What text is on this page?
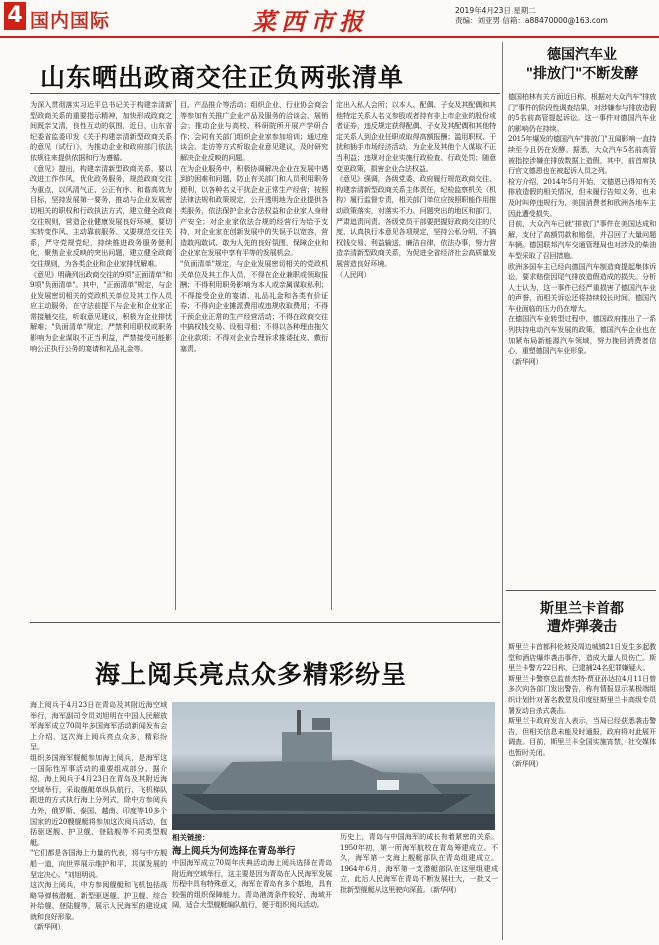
4 国内国际	菜西市报	2019年4月23日 星期二
责编：刘亚男 信箱：a88470000@163.com
山东晒出政商交往正负两张清单
为深入贯彻落实习近平总书记关于构建亲清新型政商关系的重要指示精神，加快形成政商之间既亲又清，良性互动的氛围，近日，山东省纪委省监委印发《关于构建亲清新型政商关系的意见（试行）》，为推动企业和政府部门依法依规往来提供依据和行为遵循。
《意见》提出，构建亲清新型政商关系，要以改进工作作风，优化政务服务，规范政商交往为重点，以风清气正、公正有序、和谐高效为目标，坚持发展第一要务，推动与企业发展密切相关的职权和行政执法方式，建立健全政商交往规则，营造企业健康发展良好环境，要切实转变作风、主动靠前服务、又要规范交往关系，严守党规党纪，持续推进政务服务便利化，聚焦企业反映的突出问题，建立健全政商交往规则，为各类企业和企业家排忧解难。
《意见》明确列出政商交往的9项"正面清单"和9项"负面清单"。其中，"正面清单"规定，与企业发展密切相关的党政机关单位及其工作人员应主动服务，在守法前提下与企业和企业家正常接触交往，听取意见建议，积极为企业排忧解难；"负面清单"规定，严禁利用职权或职务影响为企业谋取不正当利益，严禁接受可能影响公正执行公务的宴请和礼品礼金等。
目、产品推介等活动；组织企业、行业协会商会等参加有关推广企业产品及服务的洽谈会、展销会；推动企业与高校、科研院所开展产学研合作；会同有关部门组织企业家参加培训；通过座谈会、走访等方式听取企业意见建议，及时研究解决企业反映的问题。
在为企业服务中，积极协调解决企业在发展中遇到的困难和问题，防止有关部门和人员利用职务便利，以各种名义干扰企业正常生产经营；按照法律法规和政策规定，公开透明地为企业提供各类服务，依法保护企业合法权益和企业家人身财产安全；对企业家依法合规的经营行为给予支持，对企业家在创新发展中的失误予以宽容，营造敢闯敢试、敢为人先的良好氛围，保障企业和企业家在发展中享有平等的发展机会。
"负面清单"规定，与企业发展密切相关的党政机关单位及其工作人员，不得在企业兼职或领取报酬；不得利用职务影响为本人或亲属谋取私利；不得接受企业的宴请、礼品礼金和各类有价证券；不得向企业摊派费用或违规收取费用；不得干预企业正常的生产经营活动；不得在政商交往中搞权钱交易、设租寻租；不得以各种理由拖欠企业款项；不得对企业合理诉求推诿扯皮、敷衍塞责。
定出入私人会所；以本人、配偶、子女及其配偶和其他特定关系人名义参股或者持有非上市企业的股份或者证券，违反规定获得配偶、子女及其配偶和其他特定关系人到企业任职或取得高额报酬；滥用职权、干扰和插手市场经济活动，为企业及其他个人谋取不正当利益；违规对企业实施行政检查、行政处罚；随意变更政策，损害企业合法权益。
《意见》强调，各级党委、政府履行规范政商交往、构建亲清新型政商关系主体责任，纪检监察机关（机构）履行监督专责，相关部门单位应按照职能作用推动政策落实，对落实不力、问题突出的地区和部门，严肃追责问责。各级党员干部要把握好政商交往的尺度，认真执行本意见各项规定，坚持公私分明，不搞权钱交易、利益输送，廉洁自律，依法办事，努力营造亲清新型政商关系，为促进全省经济社会高质量发展营造良好环境。
（人民网）
海上阅兵亮点众多精彩纷呈
海上阅兵于4月23日在青岛及其附近海空域举行，海军副司令员刘旭明在中国人民解放军海军成立70周年多国海军活动新闻发布会上介绍，这次海上阅兵亮点众多，精彩纷呈。
组织多国海军舰艇参加海上阅兵，是海军这一国际性军事活动的重要组成部分。据介绍，海上阅兵于4月23日在青岛及其附近海空域举行，采取舰艇单纵队航行、飞机梯队跟进的方式执行海上分列式，除中方参阅兵力外，俄罗斯、泰国、越南、印度等10多个国家的近20艘舰艇将参加这次阅兵活动，包括驱逐舰、护卫舰、登陆舰等不同类型舰艇。
"它们都是各国海上力量的代表，将与中方舰船一道，向世界展示维护和平、共谋发展的坚定决心。"刘旭明说。
这次海上阅兵，中方参阅舰艇和飞机包括战略导弹核潜艇、新型驱逐舰、护卫舰、综合补给舰、登陆舰等，展示人民海军的建设成就和良好形象。
（新华网）
相关链接：
海上阅兵为何选择在青岛举行
中国海军成立70周年庆典活动海上阅兵选择在青岛附近海空域举行，这主要是因为青岛在人民海军发展历程中具有特殊意义，海军在青岛有多个基地，具有较强的组织保障能力。青岛港湾条件较好，海域开阔，适合大型舰艇编队航行，便于组织阅兵活动。
历史上，青岛与中国海军的成长有着紧密的关系。1950年初，第一所海军航校在青岛筹建成立。不久，海军第一支海上舰艇部队在青岛组建成立。1964年6月，海军第一支潜艇部队在这里组建成立，此后人民海军在青岛不断发展壮大，一批又一批新型舰艇从这里驶向深蓝。（新华网）
德国汽车业
"排放门"不断发酵
德国柏林有关方面近日称，根据对大众汽车"排放门"事件的阶段性调查结果，对涉嫌参与排放造假的5名前高管提起诉讼。这一事件对德国汽车业的影响仍在持续。
2015年爆发的德国汽车"排放门"丑闻影响一直持续至今且仍在发酵。据悉，大众汽车5名前高管被指控涉嫌在排放数据上造假，其中，前首席执行官文德恩也在被起诉人员之列。
检方介绍，2014年5月开始，文德恩已得知有关排放造假的相关情况，但未履行告知义务，也未及时叫停违规行为，美国消费者和欧洲各地车主因此遭受损失。
目前，大众汽车已就"排放门"事件在美国达成和解，支付了高额罚款和赔偿，并召回了大量问题车辆。德国联邦汽车交通管理局也对涉及的柴油车型采取了召回措施。
欧洲多国车主已经向德国汽车制造商提起集体诉讼，要求赔偿因尾气排放造假造成的损失。分析人士认为，这一事件已经严重损害了德国汽车业的声誉，而相关诉讼还将持续较长时间，德国汽车业面临的压力仍在增大。
在德国汽车业转型过程中，德国政府推出了一系列扶持电动汽车发展的政策，德国汽车企业也在加紧布局新能源汽车领域，努力挽回消费者信心，重塑德国汽车业形象。
（新华网）
斯里兰卡首都
遭炸弹袭击
斯里兰卡首都科伦坡及周边城镇21日发生多起教堂和酒店爆炸袭击事件，造成大量人员伤亡。斯里兰卡警方22日称，已逮捕24名犯罪嫌疑人。
斯里兰卡警察总监普杰特·贾亚孙达拉4月11日曾多次向各部门发出警告，称有情报显示某极端组织计划针对著名教堂及印度驻斯里兰卡高级专员署发动自杀式袭击。
斯里兰卡政府发言人表示，当局已经获悉袭击警告，但相关信息未能及时通报，政府将对此展开调查。目前，斯里兰卡全国实施宵禁，社交媒体也暂时关闭。
（新华网）
